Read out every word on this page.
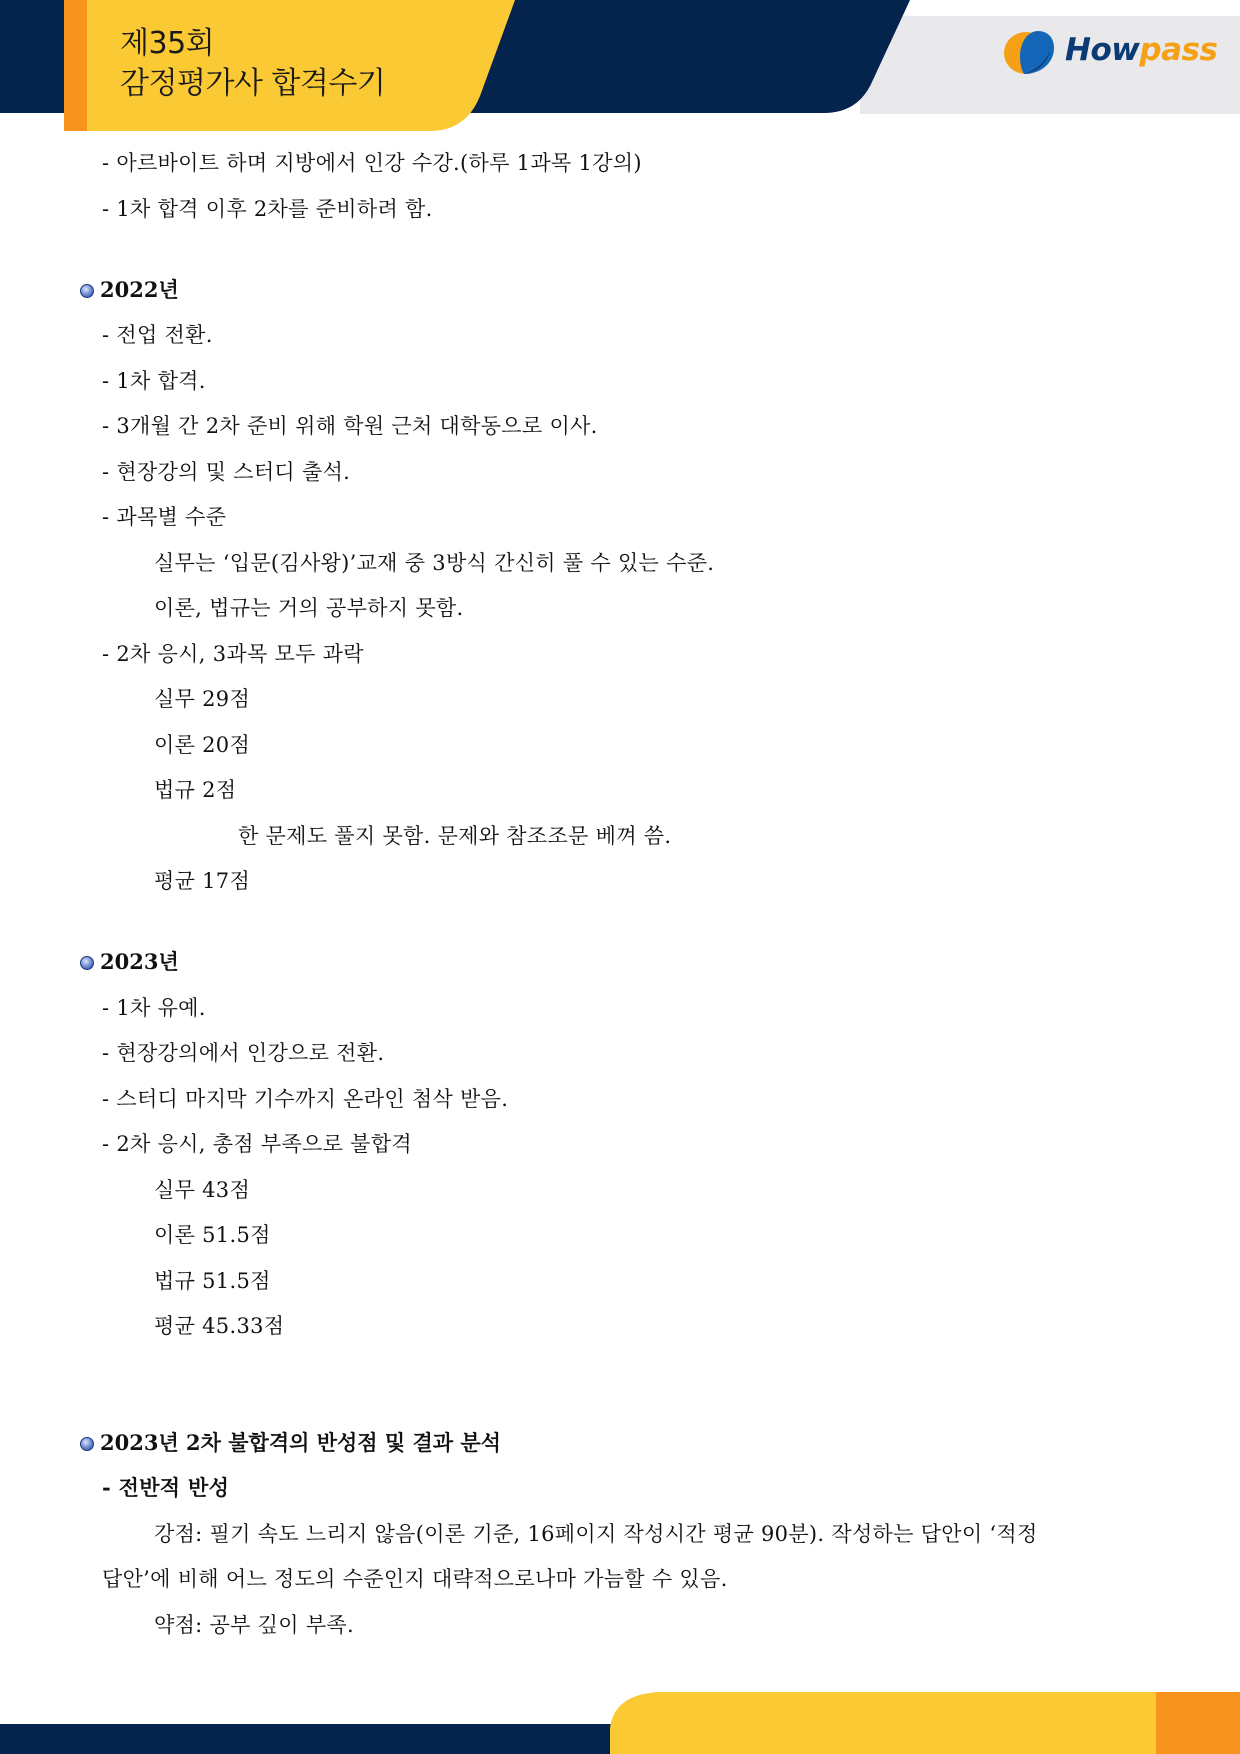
제35회
감정평가사 합격수기
Howpass
- 아르바이트 하며 지방에서 인강 수강.(하루 1과목 1강의)
- 1차 합격 이후 2차를 준비하려 함.
2022년
- 전업 전환.
- 1차 합격.
- 3개월 간 2차 준비 위해 학원 근처 대학동으로 이사.
- 현장강의 및 스터디 출석.
- 과목별 수준
실무는 ‘입문(김사왕)’교재 중 3방식 간신히 풀 수 있는 수준.
이론, 법규는 거의 공부하지 못함.
- 2차 응시, 3과목 모두 과락
실무 29점
이론 20점
법규 2점
한 문제도 풀지 못함. 문제와 참조조문 베껴 씀.
평균 17점
2023년
- 1차 유예.
- 현장강의에서 인강으로 전환.
- 스터디 마지막 기수까지 온라인 첨삭 받음.
- 2차 응시, 총점 부족으로 불합격
실무 43점
이론 51.5점
법규 51.5점
평균 45.33점
2023년 2차 불합격의 반성점 및 결과 분석
- 전반적 반성
강점: 필기 속도 느리지 않음(이론 기준, 16페이지 작성시간 평균 90분). 작성하는 답안이 ‘적정
답안’에 비해 어느 정도의 수준인지 대략적으로나마 가늠할 수 있음.
약점: 공부 깊이 부족.
